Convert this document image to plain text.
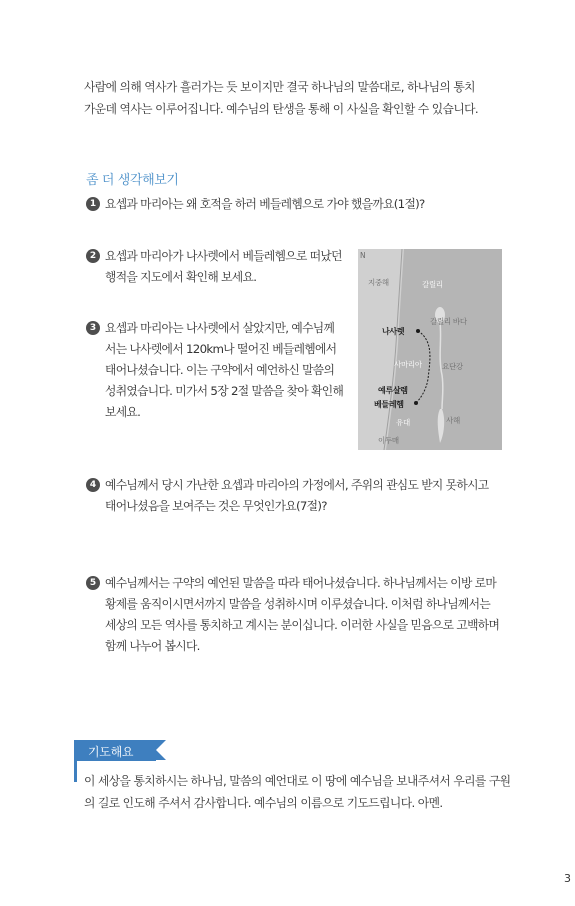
사람에 의해 역사가 흘러가는 듯 보이지만 결국 하나님의 말씀대로, 하나님의 통치

가운데 역사는 이루어집니다. 예수님의 탄생을 통해 이 사실을 확인할 수 있습니다.

좀 더 생각해보기
1 요셉과 마리아는 왜 호적을 하러 베들레헴으로 가야 했을까요(1절)?
2 요셉과 마리아가 나사렛에서 베들레헴으로 떠났던
행적을 지도에서 확인해 보세요.
3 요셉과 마리아는 나사렛에서 살았지만, 예수님께
서는 나사렛에서 120km나 떨어진 베들레헴에서
태어나셨습니다. 이는 구약에서 예언하신 말씀의
성취였습니다. 미가서 5장 2절 말씀을 찾아 확인해
보세요.
N
지중해	갈릴리
갈릴리 바다
나사렛
사마리아	요단강
예루살렘
베들레헴
유대	사해
이두매
4 예수님께서 당시 가난한 요셉과 마리아의 가정에서, 주위의 관심도 받지 못하시고
태어나셨음을 보여주는 것은 무엇인가요(7절)?
5 예수님께서는 구약의 예언된 말씀을 따라 태어나셨습니다. 하나님께서는 이방 로마
황제를 움직이시면서까지 말씀을 성취하시며 이루셨습니다. 이처럼 하나님께서는
세상의 모든 역사를 통치하고 계시는 분이십니다. 이러한 사실을 믿음으로 고백하며
함께 나누어 봅시다.
기도해요
이 세상을 통치하시는 하나님, 말씀의 예언대로 이 땅에 예수님을 보내주셔서 우리를 구원
의 길로 인도해 주셔서 감사합니다. 예수님의 이름으로 기도드립니다. 아멘.
3
